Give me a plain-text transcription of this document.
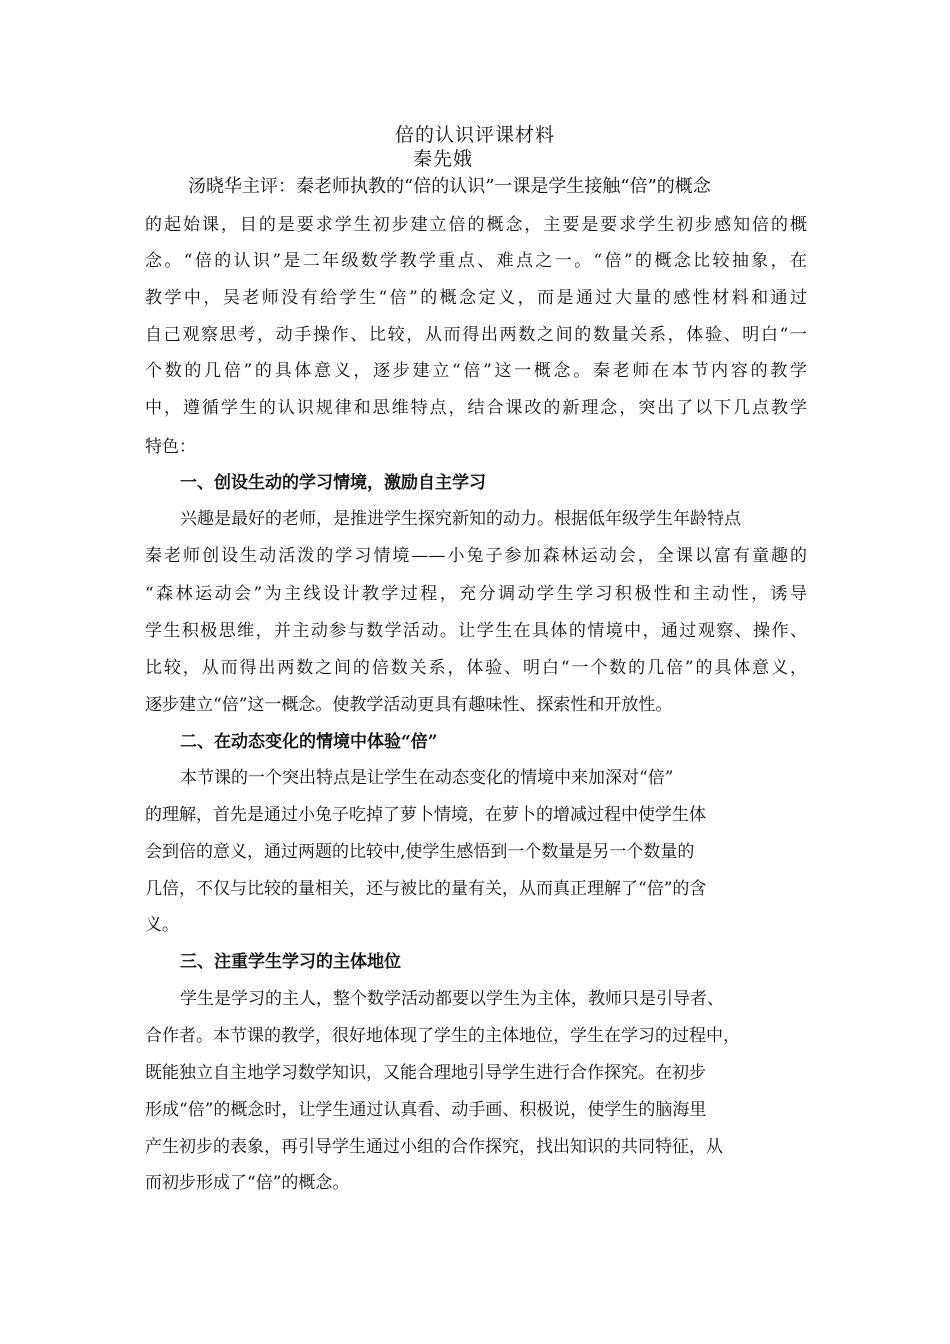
倍的认识评课材料
秦先娥
汤晓华主评：秦老师执教的“倍的认识”一课是学生接触“倍”的概念
的起始课，目的是要求学生初步建立倍的概念，主要是要求学生初步感知倍的概
念。“倍的认识”是二年级数学教学重点、难点之一。“倍”的概念比较抽象，在
教学中，吴老师没有给学生“倍”的概念定义，而是通过大量的感性材料和通过
自己观察思考，动手操作、比较，从而得出两数之间的数量关系，体验、明白“一
个数的几倍”的具体意义，逐步建立“倍”这一概念。秦老师在本节内容的教学
中，遵循学生的认识规律和思维特点，结合课改的新理念，突出了以下几点教学
特色：
一、创设生动的学习情境，激励自主学习
兴趣是最好的老师，是推进学生探究新知的动力。根据低年级学生年龄特点
秦老师创设生动活泼的学习情境——小兔子参加森林运动会，全课以富有童趣的
“森林运动会”为主线设计教学过程，充分调动学生学习积极性和主动性，诱导
学生积极思维，并主动参与数学活动。让学生在具体的情境中，通过观察、操作、
比较，从而得出两数之间的倍数关系，体验、明白“一个数的几倍”的具体意义，
逐步建立“倍”这一概念。使教学活动更具有趣味性、探索性和开放性。
二、在动态变化的情境中体验“倍”
本节课的一个突出特点是让学生在动态变化的情境中来加深对“倍”
的理解，首先是通过小兔子吃掉了萝卜情境，在萝卜的增减过程中使学生体
会到倍的意义，通过两题的比较中,使学生感悟到一个数量是另一个数量的
几倍，不仅与比较的量相关，还与被比的量有关，从而真正理解了“倍”的含
义。
三、注重学生学习的主体地位
学生是学习的主人，整个数学活动都要以学生为主体，教师只是引导者、
合作者。本节课的教学，很好地体现了学生的主体地位，学生在学习的过程中，
既能独立自主地学习数学知识，又能合理地引导学生进行合作探究。在初步
形成“倍”的概念时，让学生通过认真看、动手画、积极说，使学生的脑海里
产生初步的表象，再引导学生通过小组的合作探究，找出知识的共同特征，从
而初步形成了“倍”的概念。
